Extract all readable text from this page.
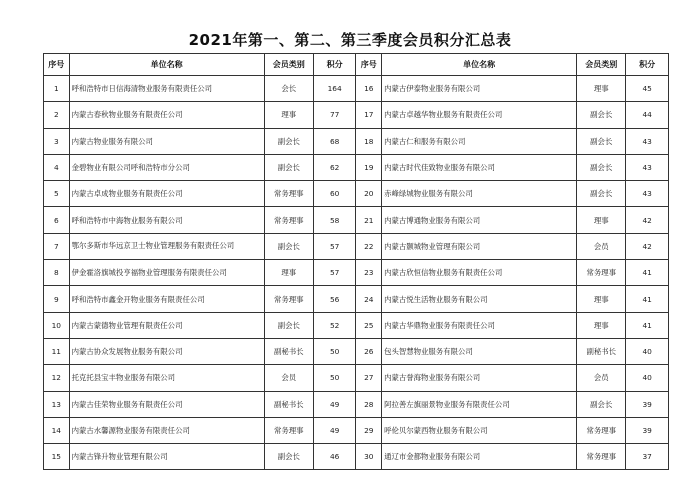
2021年第一、第二、第三季度会员积分汇总表
序号	单位名称	会员类别	积分	序号	单位名称	会员类别	积分
1	呼和浩特市日信海清物业服务有限责任公司	会长	164	16	内蒙古伊泰物业服务有限公司	理事	45
2	内蒙古春秋物业服务有限责任公司	理事	77	17	内蒙古卓越华物业服务有限责任公司	副会长	44
3	内蒙古物业服务有限公司	副会长	68	18	内蒙古仁和服务有限公司	副会长	43
4	金碧物业有限公司呼和浩特市分公司	副会长	62	19	内蒙古时代佳致物业服务有限公司	副会长	43
5	内蒙古卓成物业服务有限责任公司	常务理事	60	20	赤峰绿城物业服务有限公司	副会长	43
6	呼和浩特市中海物业服务有限公司	常务理事	58	21	内蒙古博通物业服务有限公司	理事	42
7	鄂尔多斯市华远京卫士物业管理服务有限责任公司	副会长	57	22	内蒙古颢城物业管理有限公司	会员	42
8	伊金霍洛旗城投亨福物业管理服务有限责任公司	理事	57	23	内蒙古欣恒信物业服务有限责任公司	常务理事	41
9	呼和浩特市鑫金开物业服务有限责任公司	常务理事	56	24	内蒙古悦生活物业服务有限公司	理事	41
10	内蒙古蒙德物业管理有限责任公司	副会长	52	25	内蒙古华鼎物业服务有限责任公司	理事	41
11	内蒙古协众发展物业服务有限公司	副秘书长	50	26	包头智慧物业服务有限公司	副秘书长	40
12	托克托县宝丰物业服务有限公司	会员	50	27	内蒙古誉海物业服务有限公司	会员	40
13	内蒙古佳荣物业服务有限责任公司	副秘书长	49	28	阿拉善左旗丽景物业服务有限责任公司	副会长	39
14	内蒙古水馨源物业服务有限责任公司	常务理事	49	29	呼伦贝尔蒙西物业服务有限公司	常务理事	39
15	内蒙古锋升物业管理有限公司	副会长	46	30	通辽市金都物业服务有限公司	常务理事	37
